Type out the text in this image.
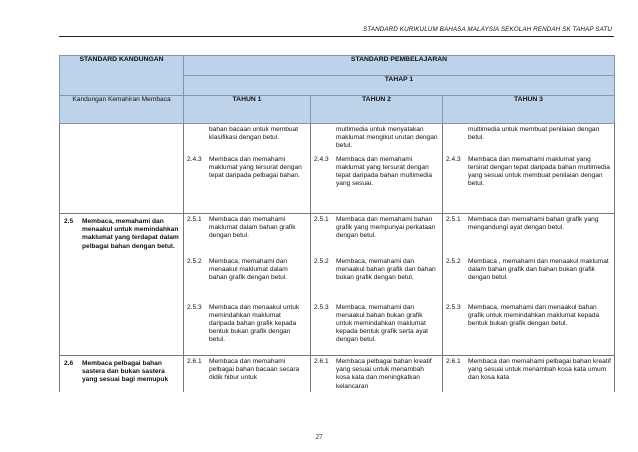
STANDARD KURIKULUM BAHASA MALAYSIA SEKOLAH RENDAH SK TAHAP SATU
STANDARD KANDUNGAN	STANDARD PEMBELAJARAN		
	TAHAP 1		
Kandungan Kemahiran Membaca	TAHUN 1	TAHUN 2	TAHUN 3

	bahan bacaan untuk membuat klasifikasi dengan betul.	multimedia untuk menyatakan maklumat mengikut urutan dengan betul.	multimedia untuk membuat penilaian dengan betul.

	2.4.3 Membaca dan memahami maklumat yang tersurat dengan tepat daripada pelbagai bahan.	2.4.3 Membaca dan memahami maklumat yang tersurat dengan tepat daripada bahan multimedia yang sesuai.	2.4.3 Membaca dan memahami maklumat yang tersirat dengan tepat daripada bahan multimedia yang sesuai untuk membuat penilaian dengan betul.

2.5 Membaca, memahami dan menaakul untuk memindahkan maklumat yang terdapat dalam pelbagai bahan dengan betul.	2.5.1 Membaca dan memahami maklumat dalam bahan grafik dengan betul.	2.5.1 Membaca dan memahami bahan grafik yang mempunyai perkataan dengan betul.	2.5.1 Membaca dan memahami bahan grafik yang mengandungi ayat dengan betul.

	2.5.2 Membaca, memahami dan menaakul maklumat dalam bahan grafik dengan betul.	2.5.2 Membaca, memahami dan menaakul bahan grafik dan bahan bukan grafik dengan betul.	2.5.2 Membaca , memahami dan menaakul maklumat dalam bahan grafik dan bahan bukan grafik dengan betul.

	2.5.3 Membaca dan menaakul untuk memindahkan maklumat daripada bahan grafik kepada bentuk bukan grafik dengan betul.	2.5.3 Membaca, memahami dan menaakul bahan bukan grafik untuk memindahkan maklumat kepada bentuk grafik serta ayat dengan betul.	2.5.3 Membaca, memahami dan menaakul bahan grafik untuk memindahkan maklumat kepada bentuk bukan grafik dengan betul.

2.6 Membaca pelbagai bahan sastera dan bukan sastera yang sesuai bagi memupuk	2.6.1 Membaca dan memahami pelbagai bahan bacaan secara didik hibur untuk	2.6.1 Membaca pelbagai bahan kreatif yang sesuai untuk menambah kosa kata dan meningkatkan kelancaran	2.6.1 Membaca dan memahami pelbagai bahan kreatif yang sesuai untuk menambah kosa kata umum dan kosa kata
27
